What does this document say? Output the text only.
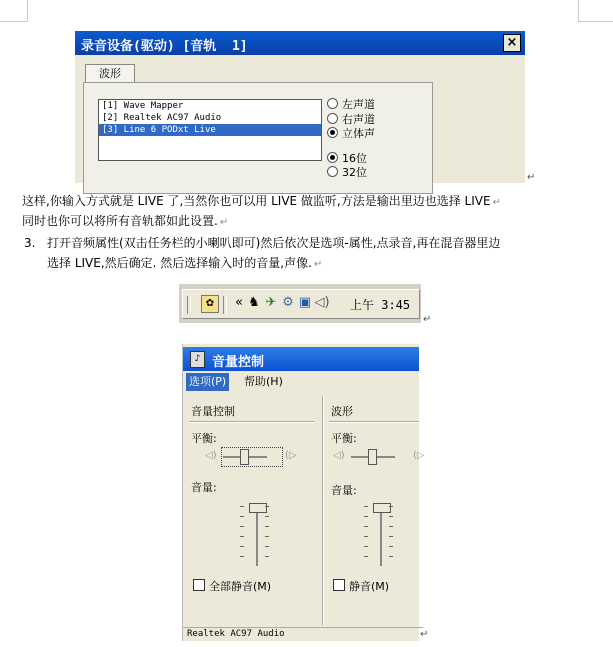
录音设备(驱动) [音轨  1]	×
波形
[1] Wave Mapper
[2] Realtek AC97 Audio
[3] Line 6 PODxt Live
左声道
右声道
立体声
16位
32位	↵
这样,你输入方式就是 LIVE 了,当然你也可以用 LIVE 做监听,方法是输出里边也选择 LIVE ↵
同时也你可以将所有音轨都如此设置. ↵
3. 打开音频属性(双击任务栏的小喇叭即可)然后依次是选项-属性,点录音,再在混音器里边
选择 LIVE,然后确定. 然后选择输入时的音量,声像. ↵
✿	« ♞ ✈ ⚙ ▣ ◁) 上午 3:45
↵
♪ 音量控制
选项(P) 帮助(H)
音量控制
平衡:
◁)	(▷
音量:
全部静音(M)
波形
平衡:
◁)	(▷
音量:
静音(M)
Realtek AC97 Audio	↵
